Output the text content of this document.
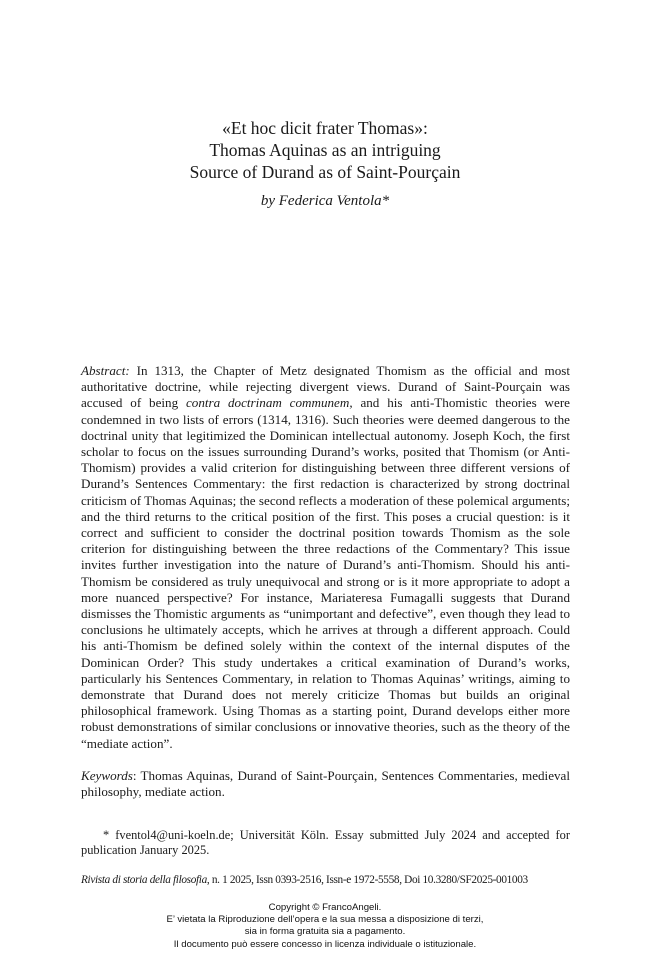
«Et hoc dicit frater Thomas»:
Thomas Aquinas as an intriguing
Source of Durand as of Saint-Pourçain
by Federica Ventola*
Abstract: In 1313, the Chapter of Metz designated Thomism as the official and most authoritative doctrine, while rejecting divergent views. Durand of Saint-Pourçain was accused of being contra doctrinam communem, and his anti-Thomistic theories were condemned in two lists of errors (1314, 1316). Such theories were deemed dangerous to the doctrinal unity that legitimized the Dominican intellectual autonomy. Joseph Koch, the first scholar to focus on the issues surrounding Durand’s works, posited that Thomism (or Anti-Thomism) provides a valid criterion for distinguishing between three different versions of Durand’s Sentences Commentary: the first redaction is characterized by strong doctrinal criticism of Thomas Aquinas; the second reflects a moderation of these polemical arguments; and the third returns to the critical position of the first. This poses a crucial question: is it correct and sufficient to consider the doctrinal position towards Thomism as the sole criterion for distinguishing between the three redactions of the Commentary? This issue invites further investigation into the nature of Durand’s anti-Thomism. Should his anti-Thomism be considered as truly unequivocal and strong or is it more appropriate to adopt a more nuanced perspective? For instance, Mariateresa Fumagalli suggests that Durand dismisses the Thomistic arguments as “unimportant and defective”, even though they lead to conclusions he ultimately accepts, which he arrives at through a different approach. Could his anti-Thomism be defined solely within the context of the internal disputes of the Dominican Order? This study undertakes a critical examination of Durand’s works, particularly his Sentences Commentary, in relation to Thomas Aquinas’ writings, aiming to demonstrate that Durand does not merely criticize Thomas but builds an original philosophical framework. Using Thomas as a starting point, Durand develops either more robust demonstrations of similar conclusions or innovative theories, such as the theory of the “mediate action”.
Keywords: Thomas Aquinas, Durand of Saint-Pourçain, Sentences Commentaries, medieval philosophy, mediate action.
* fventol4@uni-koeln.de; Universität Köln. Essay submitted July 2024 and accepted for publication January 2025.
Rivista di storia della filosofia, n. 1 2025, Issn 0393-2516, Issn-e 1972-5558, Doi 10.3280/SF2025-001003
Copyright © FrancoAngeli.
E’ vietata la Riproduzione dell’opera e la sua messa a disposizione di terzi,
sia in forma gratuita sia a pagamento.
Il documento può essere concesso in licenza individuale o istituzionale.
